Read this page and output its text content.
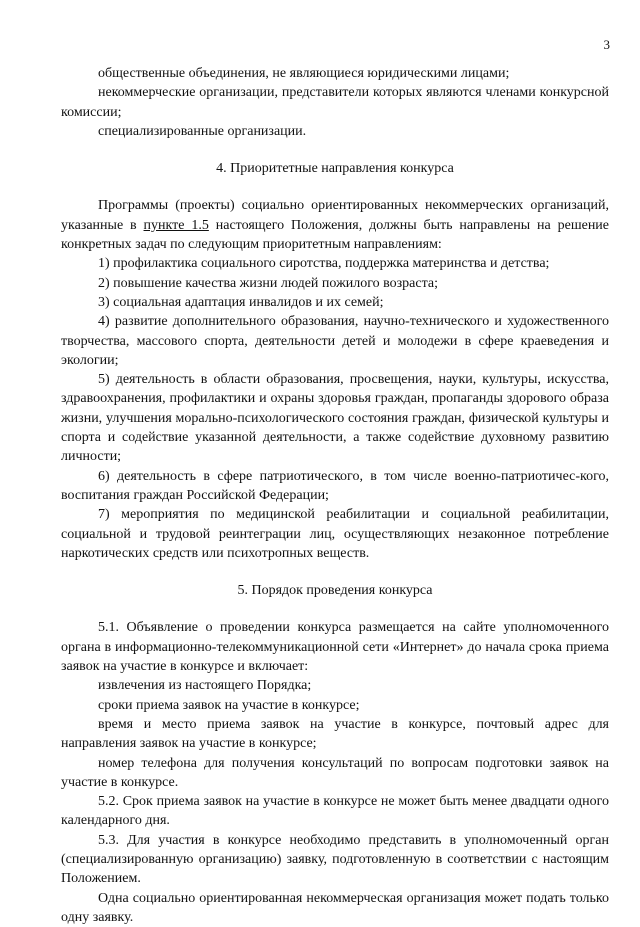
3

общественные объединения, не являющиеся юридическими лицами;

некоммерческие организации, представители которых являются членами конкурсной комиссии;

специализированные организации.

4. Приоритетные направления конкурса

Программы (проекты) социально ориентированных некоммерческих организаций, указанные в пункте 1.5 настоящего Положения, должны быть направлены на решение конкретных задач по следующим приоритетным направлениям:

1) профилактика социального сиротства, поддержка материнства и детства;

2) повышение качества жизни людей пожилого возраста;

3) социальная адаптация инвалидов и их семей;

4) развитие дополнительного образования, научно-технического и художественного творчества, массового спорта, деятельности детей и молодежи в сфере краеведения и экологии;

5) деятельность в области образования, просвещения, науки, культуры, искусства, здравоохранения, профилактики и охраны здоровья граждан, пропаганды здорового образа жизни, улучшения морально-психологического состояния граждан, физической культуры и спорта и содействие указанной деятельности, а также содействие духовному развитию личности;

6) деятельность в сфере патриотического, в том числе военно-патриотичес-кого, воспитания граждан Российской Федерации;

7) мероприятия по медицинской реабилитации и социальной реабилитации, социальной и трудовой реинтеграции лиц, осуществляющих незаконное потребление наркотических средств или психотропных веществ.

5. Порядок проведения конкурса

5.1. Объявление о проведении конкурса размещается на сайте уполномоченного органа в информационно-телекоммуникационной сети «Интернет» до начала срока приема заявок на участие в конкурсе и включает:

извлечения из настоящего Порядка;

сроки приема заявок на участие в конкурсе;

время и место приема заявок на участие в конкурсе, почтовый адрес для направления заявок на участие в конкурсе;

номер телефона для получения консультаций по вопросам подготовки заявок на участие в конкурсе.

5.2. Срок приема заявок на участие в конкурсе не может быть менее двадцати одного календарного дня.

5.3. Для участия в конкурсе необходимо представить в уполномоченный орган (специализированную организацию) заявку, подготовленную в соответствии с настоящим Положением.

Одна социально ориентированная некоммерческая организация может подать только одну заявку.
